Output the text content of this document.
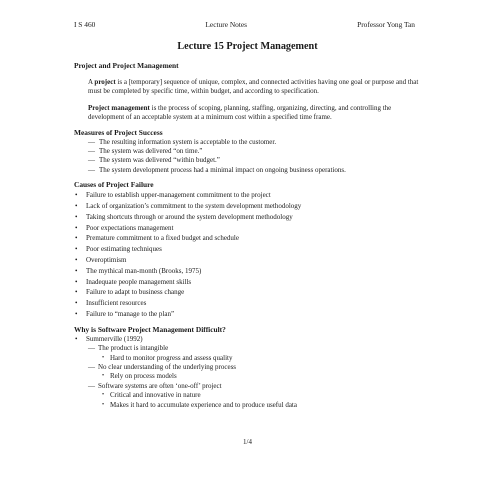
I S 460	Lecture Notes	Professor Yong Tan
Lecture 15 Project Management

Project and Project Management

A project is a [temporary] sequence of unique, complex, and connected activities having one goal or purpose and that must be completed by specific time, within budget, and according to specification.

Project management is the process of scoping, planning, staffing, organizing, directing, and controlling the development of an acceptable system at a minimum cost within a specified time frame.

Measures of Project Success

— The resulting information system is acceptable to the customer.
— The system was delivered “on time.”
— The system was delivered “within budget.”
— The system development process had a minimal impact on ongoing business operations.

Causes of Project Failure

•	Failure to establish upper-management commitment to the project
•	Lack of organization’s commitment to the system development methodology
•	Taking shortcuts through or around the system development methodology
•	Poor expectations management
•	Premature commitment to a fixed budget and schedule
•	Poor estimating techniques
•	Overoptimism
•	The mythical man-month (Brooks, 1975)
•	Inadequate people management skills
•	Failure to adapt to business change
•	Insufficient resources
•	Failure to “manage to the plan”

Why is Software Project Management Difficult?

•	Summerville (1992)
— The product is intangible
• Hard to monitor progress and assess quality
— No clear understanding of the underlying process
• Rely on process models
— Software systems are often ‘one-off’ project
• Critical and innovative in nature
• Makes it hard to accumulate experience and to produce useful data
1/4
